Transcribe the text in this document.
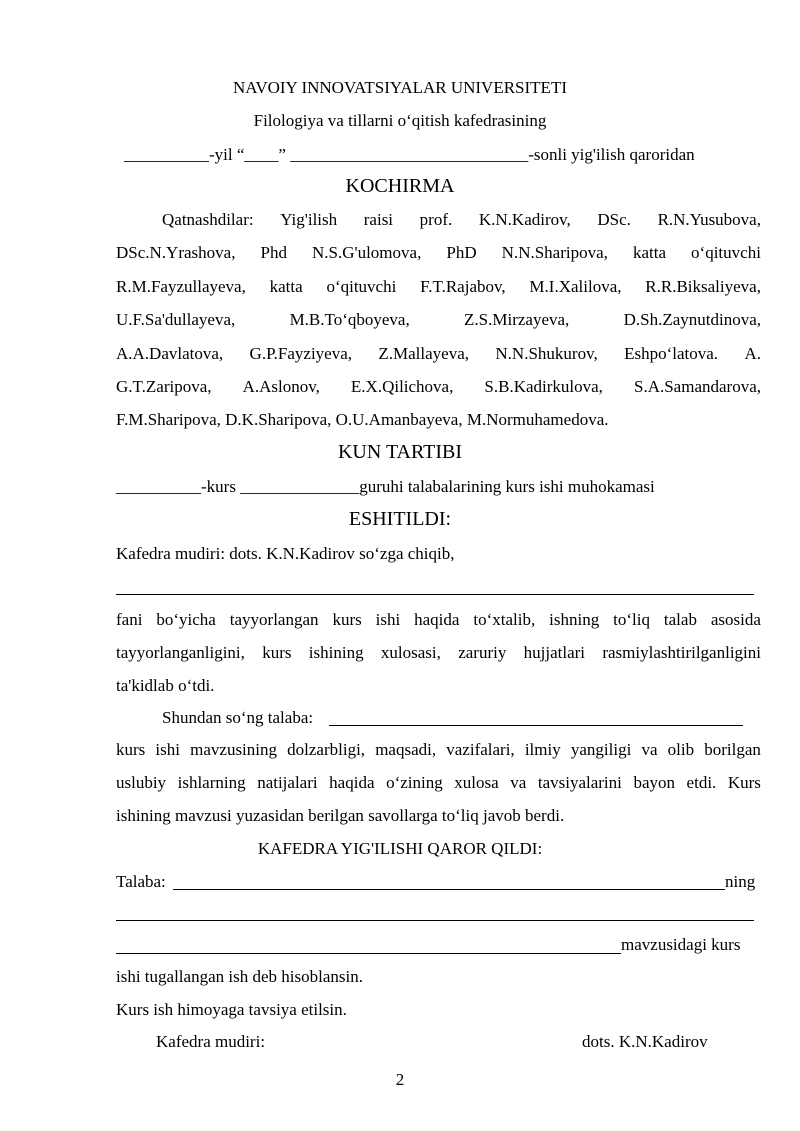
NAVOIY INNOVATSIYALAR UNIVERSITETI
Filologiya va tillarni o‘qitish kafedrasining
__________-yil “____” ____________________________-sonli yig'ilish qaroridan
KOCHIRMA
Qatnashdilar: Yig'ilish raisi prof. K.N.Kadirov, DSc. R.N.Yusubova,
DSc.N.Yrashova, Phd N.S.G'ulomova, PhD N.N.Sharipova, katta o‘qituvchi
R.M.Fayzullayeva, katta o‘qituvchi F.T.Rajabov, M.I.Xalilova, R.R.Biksaliyeva,
U.F.Sa'dullayeva,	M.B.To‘qboyeva,	Z.S.Mirzayeva,	D.Sh.Zaynutdinova,
A.A.Davlatova, G.P.Fayziyeva, Z.Mallayeva, N.N.Shukurov, Eshpo‘latova. A.
G.T.Zaripova, A.Aslonov, E.X.Qilichova, S.B.Kadirkulova, S.A.Samandarova,
F.M.Sharipova, D.K.Sharipova, O.U.Amanbayeva, M.Normuhamedova.
KUN TARTIBI
__________-kurs ______________guruhi talabalarining kurs ishi muhokamasi
ESHITILDI:
Kafedra mudiri: dots. K.N.Kadirov so‘zga chiqib,
fani bo‘yicha tayyorlangan kurs ishi haqida to‘xtalib, ishning to‘liq talab asosida
tayyorlanganligini, kurs ishining xulosasi, zaruriy hujjatlari rasmiylashtirilganligini
ta'kidlab o‘tdi.
Shundan so‘ng talaba:
kurs ishi mavzusining dolzarbligi, maqsadi, vazifalari, ilmiy yangiligi va olib borilgan
uslubiy ishlarning natijalari haqida o‘zining xulosa va tavsiyalarini bayon etdi. Kurs
ishining mavzusi yuzasidan berilgan savollarga to‘liq javob berdi.
KAFEDRA YIG'ILISHI QAROR QILDI:
Talaba:	ning
mavzusidagi kurs
ishi tugallangan ish deb hisoblansin.
Kurs ish himoyaga tavsiya etilsin.
Kafedra mudiri:	dots. K.N.Kadirov
2
